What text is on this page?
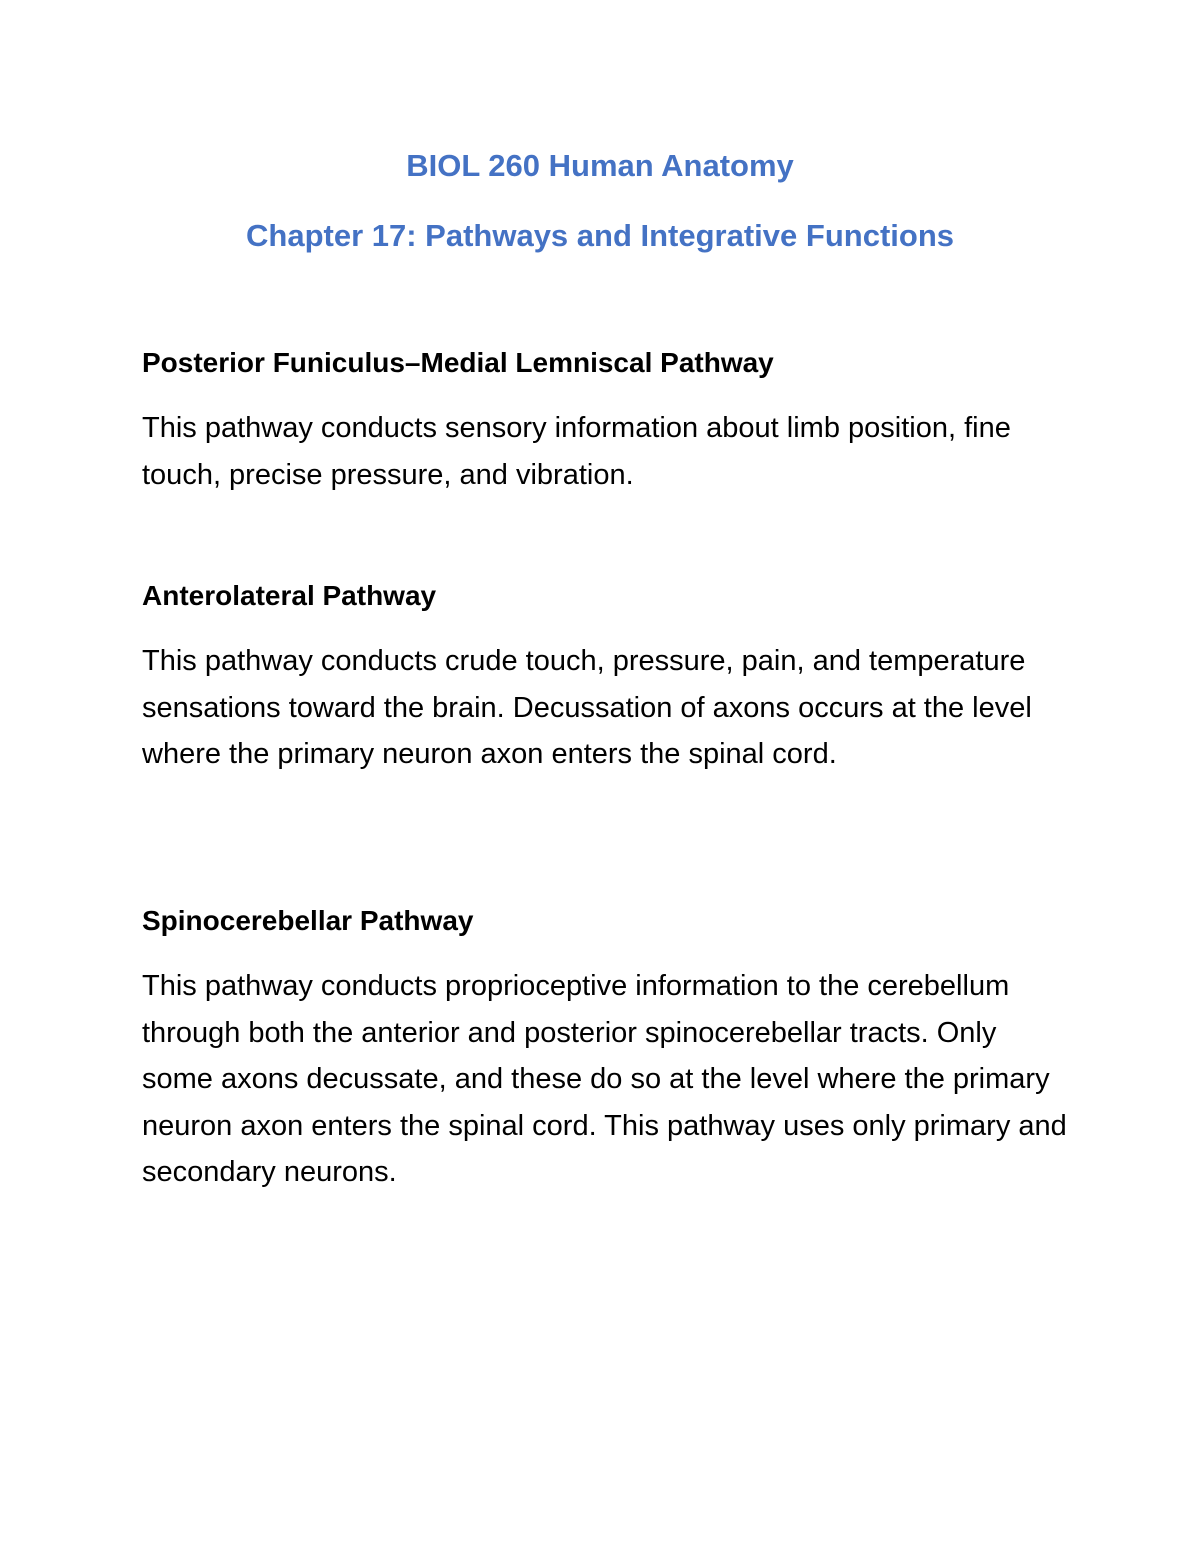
BIOL 260 Human Anatomy
Chapter 17: Pathways and Integrative Functions
Posterior Funiculus–Medial Lemniscal Pathway

This pathway conducts sensory information about limb position, fine touch, precise pressure, and vibration.

Anterolateral Pathway

This pathway conducts crude touch, pressure, pain, and temperature sensations toward the brain. Decussation of axons occurs at the level where the primary neuron axon enters the spinal cord.

Spinocerebellar Pathway

This pathway conducts proprioceptive information to the cerebellum through both the anterior and posterior spinocerebellar tracts. Only some axons decussate, and these do so at the level where the primary neuron axon enters the spinal cord. This pathway uses only primary and secondary neurons.
